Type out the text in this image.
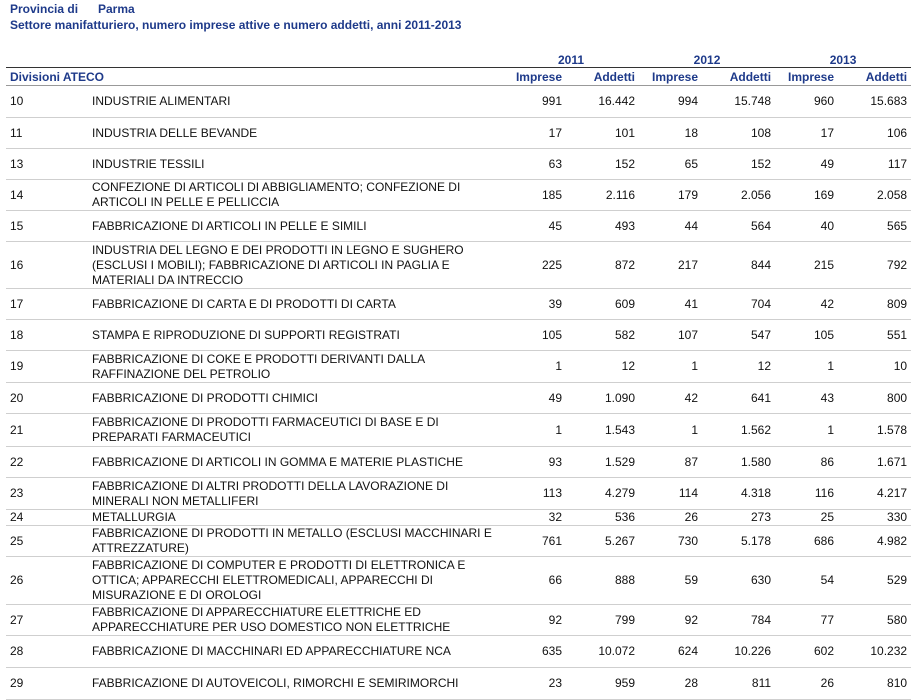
Provincia di Parma
Settore manifatturiero, numero imprese attive e numero addetti, anni 2011-2013
		2011		2012		2013	
Divisioni ATECO		Imprese	Addetti	Imprese	Addetti	Imprese	Addetti
10	INDUSTRIE ALIMENTARI	991	16.442	994	15.748	960	15.683
11	INDUSTRIA DELLE BEVANDE	17	101	18	108	17	106
13	INDUSTRIE TESSILI	63	152	65	152	49	117
14	CONFEZIONE DI ARTICOLI DI ABBIGLIAMENTO; CONFEZIONE DI ARTICOLI IN PELLE E PELLICCIA	185	2.116	179	2.056	169	2.058
15	FABBRICAZIONE DI ARTICOLI IN PELLE E SIMILI	45	493	44	564	40	565
16	INDUSTRIA DEL LEGNO E DEI PRODOTTI IN LEGNO E SUGHERO (ESCLUSI I MOBILI); FABBRICAZIONE DI ARTICOLI IN PAGLIA E MATERIALI DA INTRECCIO	225	872	217	844	215	792
17	FABBRICAZIONE DI CARTA E DI PRODOTTI DI CARTA	39	609	41	704	42	809
18	STAMPA E RIPRODUZIONE DI SUPPORTI REGISTRATI	105	582	107	547	105	551
19	FABBRICAZIONE DI COKE E PRODOTTI DERIVANTI DALLA RAFFINAZIONE DEL PETROLIO	1	12	1	12	1	10
20	FABBRICAZIONE DI PRODOTTI CHIMICI	49	1.090	42	641	43	800
21	FABBRICAZIONE DI PRODOTTI FARMACEUTICI DI BASE E DI PREPARATI FARMACEUTICI	1	1.543	1	1.562	1	1.578
22	FABBRICAZIONE DI ARTICOLI IN GOMMA E MATERIE PLASTICHE	93	1.529	87	1.580	86	1.671
23	FABBRICAZIONE DI ALTRI PRODOTTI DELLA LAVORAZIONE DI MINERALI NON METALLIFERI	113	4.279	114	4.318	116	4.217
24	METALLURGIA	32	536	26	273	25	330
25	FABBRICAZIONE DI PRODOTTI IN METALLO (ESCLUSI MACCHINARI E ATTREZZATURE)	761	5.267	730	5.178	686	4.982
26	FABBRICAZIONE DI COMPUTER E PRODOTTI DI ELETTRONICA E OTTICA; APPARECCHI ELETTROMEDICALI, APPARECCHI DI MISURAZIONE E DI OROLOGI	66	888	59	630	54	529
27	FABBRICAZIONE DI APPARECCHIATURE ELETTRICHE ED APPARECCHIATURE PER USO DOMESTICO NON ELETTRICHE	92	799	92	784	77	580
28	FABBRICAZIONE DI MACCHINARI ED APPARECCHIATURE NCA	635	10.072	624	10.226	602	10.232
29	FABBRICAZIONE DI AUTOVEICOLI, RIMORCHI E SEMIRIMORCHI	23	959	28	811	26	810
